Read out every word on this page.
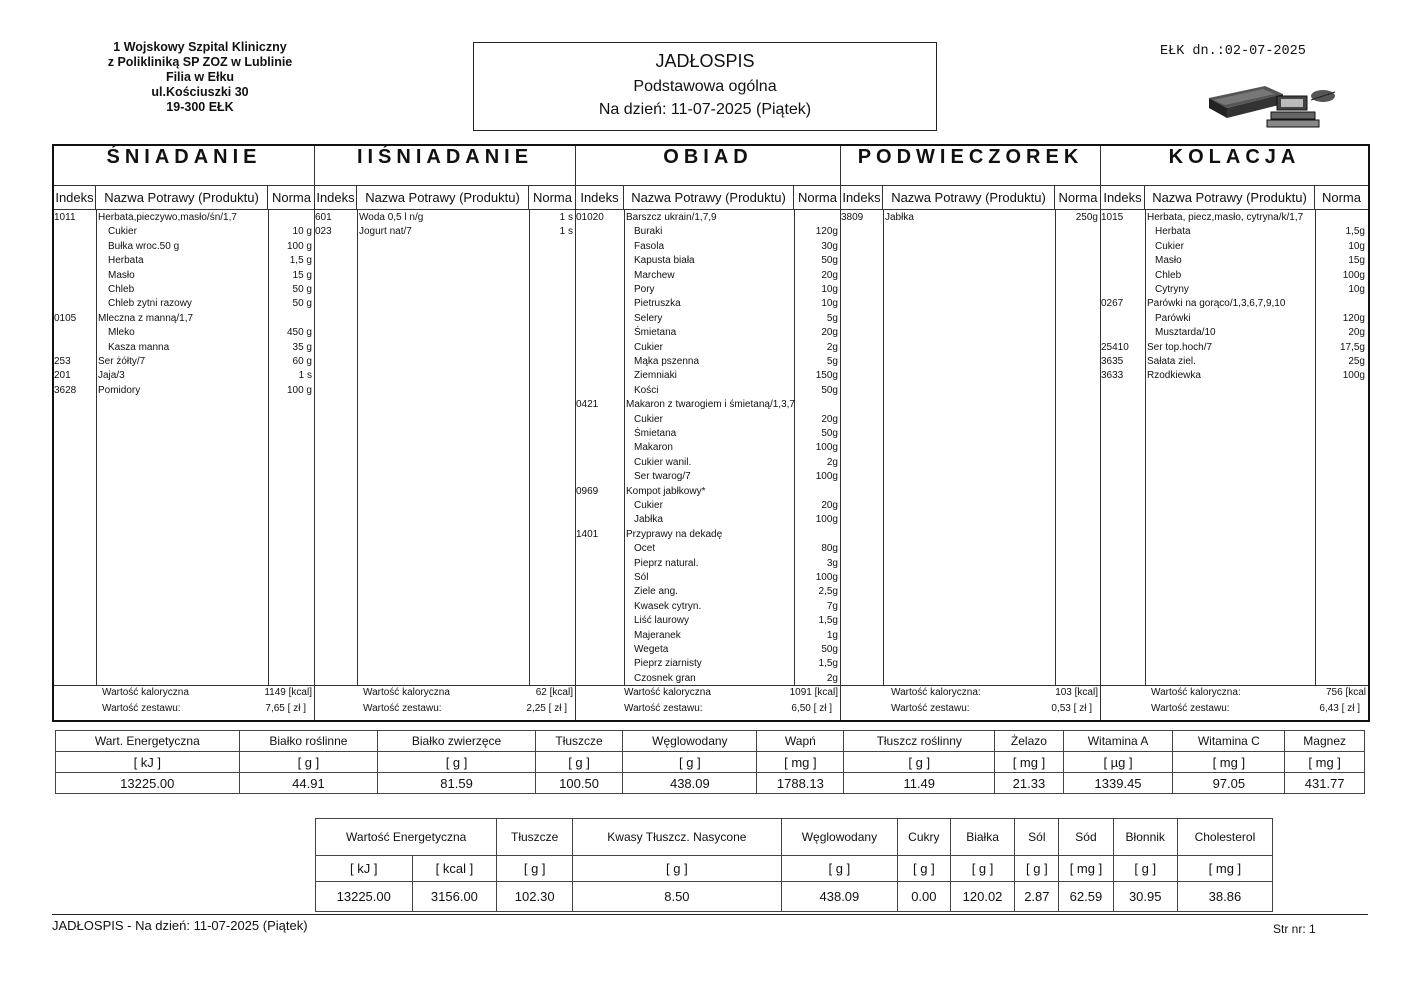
1 Wojskowy Szpital Kliniczny
z Polikliniką SP ZOZ w Lublinie
Filia w Ełku
ul.Kościuszki 30
19-300 EŁK
JADŁOSPIS
Podstawowa ogólna
Na dzień: 11-07-2025 (Piątek)
EŁK dn.:02-07-2025
ŚNIADANIE
Indeks Nazwa Potrawy (Produktu)	Norma
1011 Herbata,pieczywo,masło/śn/1,7
Cukier	10 g
Bułka wroc.50 g	100 g
Herbata	1,5 g
Masło	15 g
Chleb	50 g
Chleb zytni razowy	50 g
0105 Mleczna z manną/1,7
Mleko	450 g
Kasza manna	35 g
253	Ser żółty/7	60 g
201	Jaja/3	1 s
3628 Pomidory	100 g
Wartość kaloryczna	1149 [kcal]
Wartość zestawu:	7,65 [ zł ]
IIŚNIADANIE
Indeks Nazwa Potrawy (Produktu)	Norma
601	Woda 0,5 l n/g	1 s
023	Jogurt nat/7	1 s
Wartość kaloryczna	62 [kcal]
Wartość zestawu:	2,25 [ zł ]
OBIAD
Indeks Nazwa Potrawy (Produktu) Norma
01020 Barszcz ukrain/1,7,9
Buraki	120g
Fasola	30g
Kapusta biała	50g
Marchew	20g
Pory	10g
Pietruszka	10g
Selery	5g
Śmietana	20g
Cukier	2g
Mąka pszenna	5g
Ziemniaki	150g
Kości	50g
0421	Makaron z twarogiem i śmietaną/1,3,7
Cukier	20g
Śmietana	50g
Makaron	100g
Cukier wanil.	2g
Ser twarog/7	100g
0969	Kompot jabłkowy*
Cukier	20g
Jabłka	100g
1401	Przyprawy na dekadę
Ocet	80g
Pieprz natural.	3g
Sól	100g
Ziele ang.	2,5g
Kwasek cytryn.	7g
Liść laurowy	1,5g
Majeranek	1g
Wegeta	50g
Pieprz ziarnisty	1,5g
Czosnek gran	2g
Wartość kaloryczna	1091 [kcal]
Wartość zestawu:	6,50 [ zł ]
PODWIECZOREK
Indeks Nazwa Potrawy (Produktu) Norma
3809 Jabłka	250g
Wartość kaloryczna:	103 [kcal]
Wartość zestawu:	0,53 [ zł ]
KOLACJA
Indeks Nazwa Potrawy (Produktu)	Norma
1015 Herbata, piecz,masło, cytryna/k/1,7
Herbata	1,5g
Cukier	10g
Masło	15g
Chleb	100g
Cytryny	10g
0267 Parówki na gorąco/1,3,6,7,9,10
Parówki	120g
Musztarda/10	20g
25410 Ser top.hoch/7	17,5g
3635 Sałata ziel.	25g
3633 Rzodkiewka	100g
Wartość kaloryczna:	756 [kcal
Wartość zestawu:	6,43 [ zł ]
Wart. Energetyczna	Białko roślinne	Białko zwierzęce	Tłuszcze	Węglowodany	Wapń	Tłuszcz roślinny	Żelazo	Witamina A	Witamina C	Magnez
[ kJ ]	[ g ]	[ g ]	[ g ]	[ g ]	[ mg ]	[ g ]	[ mg ]	[ µg ]	[ mg ]	[ mg ]
13225.00	44.91	81.59	100.50	438.09	1788.13	11.49	21.33	1339.45	97.05	431.77
Wartość Energetyczna		Tłuszcze	Kwasy Tłuszcz. Nasycone	Węglowodany	Cukry	Białka	Sól	Sód	Błonnik	Cholesterol
[ kJ ]	[ kcal ]	[ g ]	[ g ]	[ g ]	[ g ]	[ g ]	[ g ]	[ mg ]	[ g ]	[ mg ]
13225.00	3156.00	102.30	8.50	438.09	0.00	120.02	2.87	62.59	30.95	38.86
JADŁOSPIS - Na dzień: 11-07-2025 (Piątek)	Str nr: 1
